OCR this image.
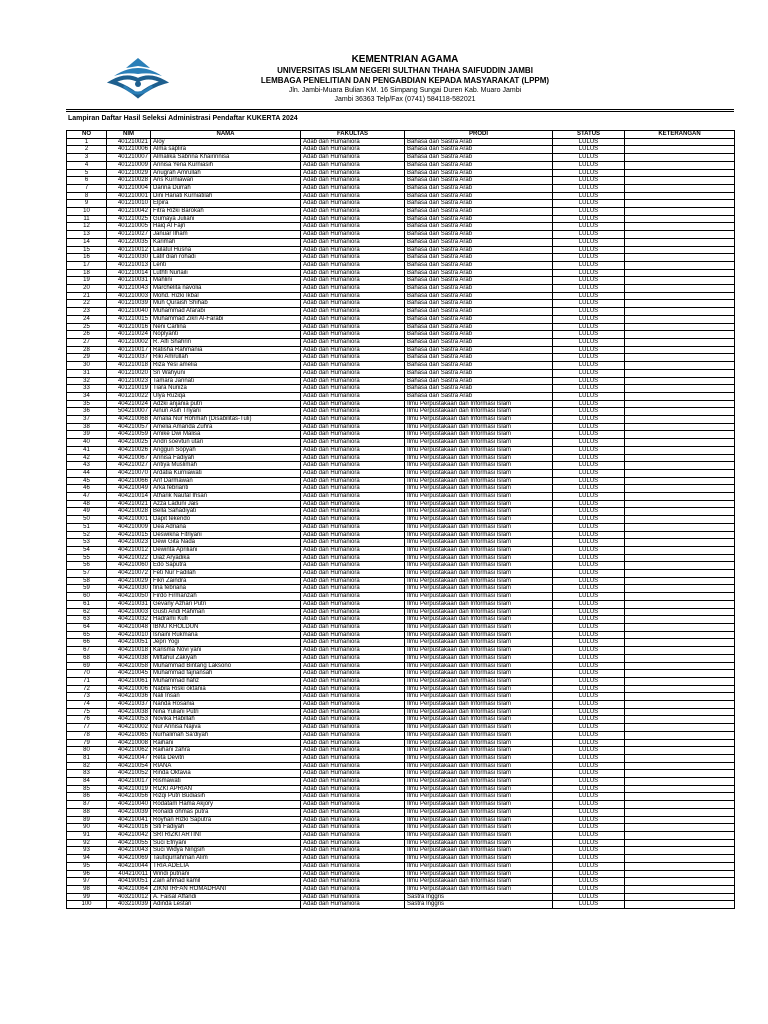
KEMENTRIAN AGAMA
UNIVERSITAS ISLAM NEGERI SULTHAN THAHA SAIFUDDIN JAMBI
LEMBAGA PENELITIAN DAN PENGABDIAN KEPADA MASYARAKAT (LPPM)
Jln. Jambi-Muara Bulian KM. 16 Simpang Sungai Duren Kab. Muaro Jambi
Jambi 36363 Telp/Fax (0741) 584118-582021
Lampiran Daftar Hasil Seleksi Administrasi Pendaftar KUKERTA 2024
NO	NIM	NAMA	FAKULTAS	PRODI	STATUS	KETERANGAN
1	401210021	Aloy	Adab dan Humaniora	Bahasa dan Sastra Arab	LULUS	
2	401210006	Alma saplira	Adab dan Humaniora	Bahasa dan Sastra Arab	LULUS	
3	401210007	Almalika Sabrina Khairinnisa	Adab dan Humaniora	Bahasa dan Sastra Arab	LULUS	
4	401210009	Annisa Yena Kurniasih	Adab dan Humaniora	Bahasa dan Sastra Arab	LULUS	
5	401210029	Anugrah Amrullah	Adab dan Humaniora	Bahasa dan Sastra Arab	LULUS	
6	401210028	Aris Kurniawan	Adab dan Humaniora	Bahasa dan Sastra Arab	LULUS	
7	401210004	Darina Durrah	Adab dan Humaniora	Bahasa dan Sastra Arab	LULUS	
8	401210001	Dini Hariati Kurniatilah	Adab dan Humaniora	Bahasa dan Sastra Arab	LULUS	
9	401210010	Elpira	Adab dan Humaniora	Bahasa dan Sastra Arab	LULUS	
10	401210042	Fitra Rizki Barokah	Adab dan Humaniora	Bahasa dan Sastra Arab	LULUS	
11	401210025	Gumaya Juliani	Adab dan Humaniora	Bahasa dan Sastra Arab	LULUS	
12	401210005	Haiq Al Fajri	Adab dan Humaniora	Bahasa dan Sastra Arab	LULUS	
13	401210027	Januar Ilham	Adab dan Humaniora	Bahasa dan Sastra Arab	LULUS	
14	401220035	Karimah	Adab dan Humaniora	Bahasa dan Sastra Arab	LULUS	
15	401210012	Lailatul Husna	Adab dan Humaniora	Bahasa dan Sastra Arab	LULUS	
16	401210030	Latif dian rohadi	Adab dan Humaniora	Bahasa dan Sastra Arab	LULUS	
17	401210013	Lenti	Adab dan Humaniora	Bahasa dan Sastra Arab	LULUS	
18	401210014	Luthfi Nurlaili	Adab dan Humaniora	Bahasa dan Sastra Arab	LULUS	
19	401210031	Mahlini	Adab dan Humaniora	Bahasa dan Sastra Arab	LULUS	
20	401210043	Marchelita navolia	Adab dan Humaniora	Bahasa dan Sastra Arab	LULUS	
21	401210003	Mohd. Rizki Ikbal	Adab dan Humaniora	Bahasa dan Sastra Arab	LULUS	
22	401210039	Muh Quraish Shihab	Adab dan Humaniora	Bahasa dan Sastra Arab	LULUS	
23	401210040	Muhammad Afarabi	Adab dan Humaniora	Bahasa dan Sastra Arab	LULUS	
24	401210015	Muhammad Zikri Al-Farabi	Adab dan Humaniora	Bahasa dan Sastra Arab	LULUS	
25	401210016	Neni Carlina	Adab dan Humaniora	Bahasa dan Sastra Arab	LULUS	
26	401210024	Noplyanti	Adab dan Humaniora	Bahasa dan Sastra Arab	LULUS	
27	401210002	R. Alfi Shahrin	Adab dan Humaniora	Bahasa dan Sastra Arab	LULUS	
28	401210017	Ratisha Rahmania	Adab dan Humaniora	Bahasa dan Sastra Arab	LULUS	
29	401210037	Riki Amrullah	Adab dan Humaniora	Bahasa dan Sastra Arab	LULUS	
30	401210018	Riza Yesi amelia	Adab dan Humaniora	Bahasa dan Sastra Arab	LULUS	
31	401210020	Sri Wahyuni	Adab dan Humaniora	Bahasa dan Sastra Arab	LULUS	
32	401210023	Tamara Jannati	Adab dan Humaniora	Bahasa dan Sastra Arab	LULUS	
33	401210019	Tiara Nuriiza	Adab dan Humaniora	Bahasa dan Sastra Arab	LULUS	
34	401210022	Ulya Ruziqa	Adab dan Humaniora	Bahasa dan Sastra Arab	LULUS	
35	404210024	Adzki anjania putri	Adab dan Humaniora	Ilmu Perpustakaan dan Informasi Islam	LULUS	
36	504210007	Ainun Asih Triyani	Adab dan Humaniora	Ilmu Perpustakaan dan Informasi Islam	LULUS	
37	404210068	Amalia Nur Rohmah (Disabilitas-Tuli)	Adab dan Humaniora	Ilmu Perpustakaan dan Informasi Islam	LULUS	
38	404210057	Amelia Amanda Zuhra	Adab dan Humaniora	Ilmu Perpustakaan dan Informasi Islam	LULUS	
39	404210059	Amike Dwi Malisa	Adab dan Humaniora	Ilmu Perpustakaan dan Informasi Islam	LULUS	
40	404210025	Andri soevtun utari	Adab dan Humaniora	Ilmu Perpustakaan dan Informasi Islam	LULUS	
41	404210026	Anggun Sopyah	Adab dan Humaniora	Ilmu Perpustakaan dan Informasi Islam	LULUS	
42	404210067	Annisa Fadiyah	Adab dan Humaniora	Ilmu Perpustakaan dan Informasi Islam	LULUS	
43	404210027	Antiya Muslimah	Adab dan Humaniora	Ilmu Perpustakaan dan Informasi Islam	LULUS	
44	404210070	Ardatia Kurniawati	Adab dan Humaniora	Ilmu Perpustakaan dan Informasi Islam	LULUS	
45	404210066	Arif Darmawan	Adab dan Humaniora	Ilmu Perpustakaan dan Informasi Islam	LULUS	
46	404210049	Arka febrianti	Adab dan Humaniora	Ilmu Perpustakaan dan Informasi Islam	LULUS	
47	404210014	Atharik Naufal Ihsan	Adab dan Humaniora	Ilmu Perpustakaan dan Informasi Islam	LULUS	
48	404210021	Azza Laduni Jais	Adab dan Humaniora	Ilmu Perpustakaan dan Informasi Islam	LULUS	
49	404210028	Bella Sahadiyati	Adab dan Humaniora	Ilmu Perpustakaan dan Informasi Islam	LULUS	
50	404210001	Dapit tekendo	Adab dan Humaniora	Ilmu Perpustakaan dan Informasi Islam	LULUS	
51	404210009	Dea Adriana	Adab dan Humaniora	Ilmu Perpustakaan dan Informasi Islam	LULUS	
52	404210015	Deswikna Fitriyani	Adab dan Humaniora	Ilmu Perpustakaan dan Informasi Islam	LULUS	
53	404210023	Dewi Gita Nada	Adab dan Humaniora	Ilmu Perpustakaan dan Informasi Islam	LULUS	
54	404210012	Dewinta Apriliani	Adab dan Humaniora	Ilmu Perpustakaan dan Informasi Islam	LULUS	
55	404210022	Diaz Aryadika	Adab dan Humaniora	Ilmu Perpustakaan dan Informasi Islam	LULUS	
56	404210060	Edo Saputra	Adab dan Humaniora	Ilmu Perpustakaan dan Informasi Islam	LULUS	
57	404210072	Feti Nur Fadilah	Adab dan Humaniora	Ilmu Perpustakaan dan Informasi Islam	LULUS	
58	404210029	Fikri Zaindra	Adab dan Humaniora	Ilmu Perpustakaan dan Informasi Islam	LULUS	
59	404210030	fina febriana	Adab dan Humaniora	Ilmu Perpustakaan dan Informasi Islam	LULUS	
60	404210050	Firdo Firmanzah	Adab dan Humaniora	Ilmu Perpustakaan dan Informasi Islam	LULUS	
61	404210031	Gevany Azhari Putri	Adab dan Humaniora	Ilmu Perpustakaan dan Informasi Islam	LULUS	
62	404210003	Gusti Andi Rahman	Adab dan Humaniora	Ilmu Perpustakaan dan Informasi Islam	LULUS	
63	404210032	Hadrami Kufi	Adab dan Humaniora	Ilmu Perpustakaan dan Informasi Islam	LULUS	
64	404210048	IBNU KHOLDUN	Adab dan Humaniora	Ilmu Perpustakaan dan Informasi Islam	LULUS	
65	404210010	Isnaini Rukmana	Adab dan Humaniora	Ilmu Perpustakaan dan Informasi Islam	LULUS	
66	404210051	Jepri Yogi	Adab dan Humaniora	Ilmu Perpustakaan dan Informasi Islam	LULUS	
67	404210018	Karisma Novi yani	Adab dan Humaniora	Ilmu Perpustakaan dan Informasi Islam	LULUS	
68	404210038	Miftahul Zakiyah	Adab dan Humaniora	Ilmu Perpustakaan dan Informasi Islam	LULUS	
69	404210058	Muhammad Bintang Laksono	Adab dan Humaniora	Ilmu Perpustakaan dan Informasi Islam	LULUS	
70	404210045	Muhammad fajriansah	Adab dan Humaniora	Ilmu Perpustakaan dan Informasi Islam	LULUS	
71	404210061	Muhammad hafiz	Adab dan Humaniora	Ilmu Perpustakaan dan Informasi Islam	LULUS	
72	404210006	Nabila Riski oktania	Adab dan Humaniora	Ilmu Perpustakaan dan Informasi Islam	LULUS	
73	404210036	Nali Insan	Adab dan Humaniora	Ilmu Perpustakaan dan Informasi Islam	LULUS	
74	404210037	Nanda Rosania	Adab dan Humaniora	Ilmu Perpustakaan dan Informasi Islam	LULUS	
75	404210038	Nina Yuliani Putri	Adab dan Humaniora	Ilmu Perpustakaan dan Informasi Islam	LULUS	
76	404210053	Novika Habillah	Adab dan Humaniora	Ilmu Perpustakaan dan Informasi Islam	LULUS	
77	404210002	Nur Annisa Najiva	Adab dan Humaniora	Ilmu Perpustakaan dan Informasi Islam	LULUS	
78	404210065	Nurhalimah Sa'diyah	Adab dan Humaniora	Ilmu Perpustakaan dan Informasi Islam	LULUS	
79	404210008	Raihani	Adab dan Humaniora	Ilmu Perpustakaan dan Informasi Islam	LULUS	
80	404210062	Raihani zahra	Adab dan Humaniora	Ilmu Perpustakaan dan Informasi Islam	LULUS	
81	404210047	Reta Devitri	Adab dan Humaniora	Ilmu Perpustakaan dan Informasi Islam	LULUS	
82	404210054	RIANA	Adab dan Humaniora	Ilmu Perpustakaan dan Informasi Islam	LULUS	
83	404210052	Rinda Oktavia	Adab dan Humaniora	Ilmu Perpustakaan dan Informasi Islam	LULUS	
84	404210017	Rismawati	Adab dan Humaniora	Ilmu Perpustakaan dan Informasi Islam	LULUS	
85	404210019	RIZKI APRIAN	Adab dan Humaniora	Ilmu Perpustakaan dan Informasi Islam	LULUS	
86	404210056	Rizqi Putri Budiasih	Adab dan Humaniora	Ilmu Perpustakaan dan Informasi Islam	LULUS	
87	404210040	Rodatam Hama Akjory	Adab dan Humaniora	Ilmu Perpustakaan dan Informasi Islam	LULUS	
88	404210039	Ronaldi ohmas putra	Adab dan Humaniora	Ilmu Perpustakaan dan Informasi Islam	LULUS	
89	404210041	Royhan Rizki Saputra	Adab dan Humaniora	Ilmu Perpustakaan dan Informasi Islam	LULUS	
90	404210016	Siti Fadiyah	Adab dan Humaniora	Ilmu Perpustakaan dan Informasi Islam	LULUS	
91	404210042	SRI RIZKI ARTINI	Adab dan Humaniora	Ilmu Perpustakaan dan Informasi Islam	LULUS	
92	404210055	Suci Efriyani	Adab dan Humaniora	Ilmu Perpustakaan dan Informasi Islam	LULUS	
93	404210043	Suci Widya Ningsih	Adab dan Humaniora	Ilmu Perpustakaan dan Informasi Islam	LULUS	
94	404210069	Taufiqurrahman Alim	Adab dan Humaniora	Ilmu Perpustakaan dan Informasi Islam	LULUS	
95	404210044	TRIA ADELIA	Adab dan Humaniora	Ilmu Perpustakaan dan Informasi Islam	LULUS	
96	404210011	Windi putriani	Adab dan Humaniora	Ilmu Perpustakaan dan Informasi Islam	LULUS	
97	404190051	Zain ahmad kamil	Adab dan Humaniora	Ilmu Perpustakaan dan Informasi Islam	LULUS	
98	404210064	ZIKNI IRFAN ROMADHANI	Adab dan Humaniora	Ilmu Perpustakaan dan Informasi Islam	LULUS	
99	403210012	A. Faisal Affandi	Adab dan Humaniora	Sastra Inggris	LULUS	
100	403210039	Adinda Lestari	Adab dan Humaniora	Sastra Inggris	LULUS	
